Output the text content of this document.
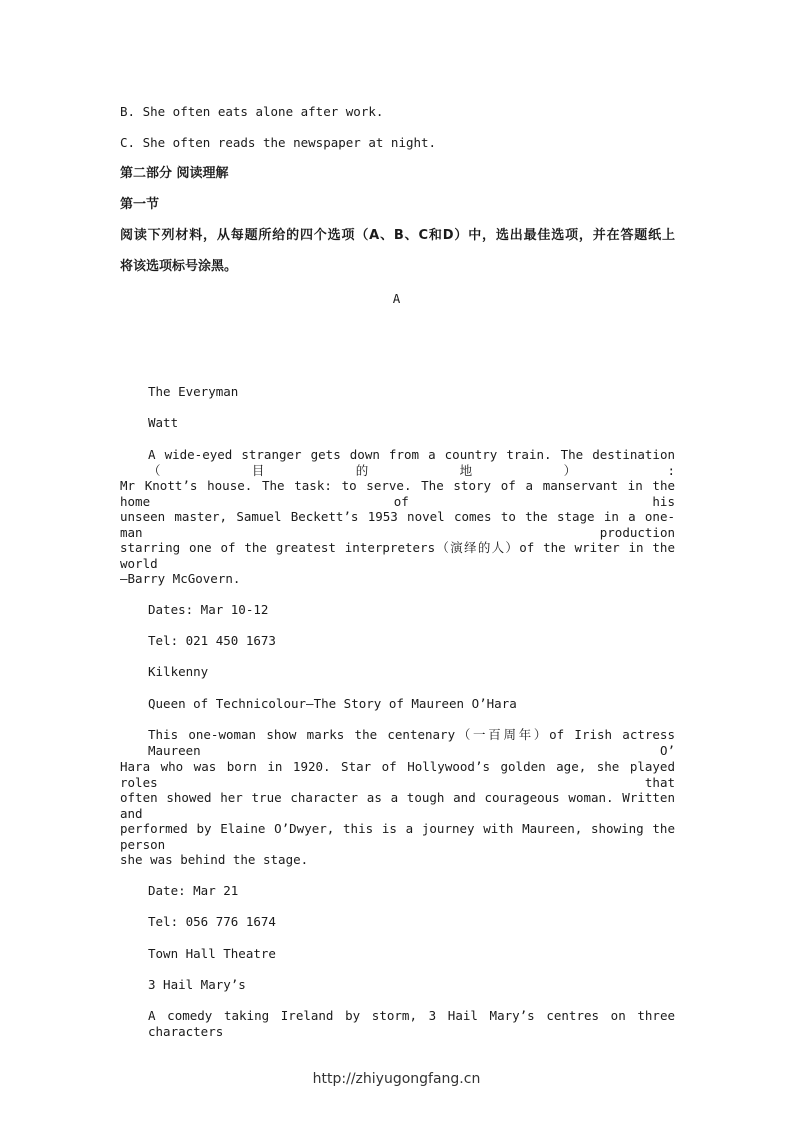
B. She often eats alone after work.
C. She often reads the newspaper at night.
第二部分 阅读理解
第一节
阅读下列材料，从每题所给的四个选项（A、B、C和D）中，选出最佳选项，并在答题纸上
将该选项标号涂黑。
A
The Everyman
Watt
A wide-eyed stranger gets down from a country train. The destination（目的地）:
Mr Knott’s house. The task: to serve. The story of a manservant in the home of his
unseen master, Samuel Beckett’s 1953 novel comes to the stage in a one-man production
starring one of the greatest interpreters（演绎的人）of the writer in the world
—Barry McGovern.
Dates: Mar 10-12
Tel: 021 450 1673
Kilkenny
Queen of Technicolour—The Story of Maureen O’Hara
This one-woman show marks the centenary（一百周年）of Irish actress Maureen O’
Hara who was born in 1920. Star of Hollywood’s golden age, she played roles that
often showed her true character as a tough and courageous woman. Written and
performed by Elaine O’Dwyer, this is a journey with Maureen, showing the person
she was behind the stage.
Date: Mar 21
Tel: 056 776 1674
Town Hall Theatre
3 Hail Mary’s
A comedy taking Ireland by storm, 3 Hail Mary’s centres on three characters
http://zhiyugongfang.cn
